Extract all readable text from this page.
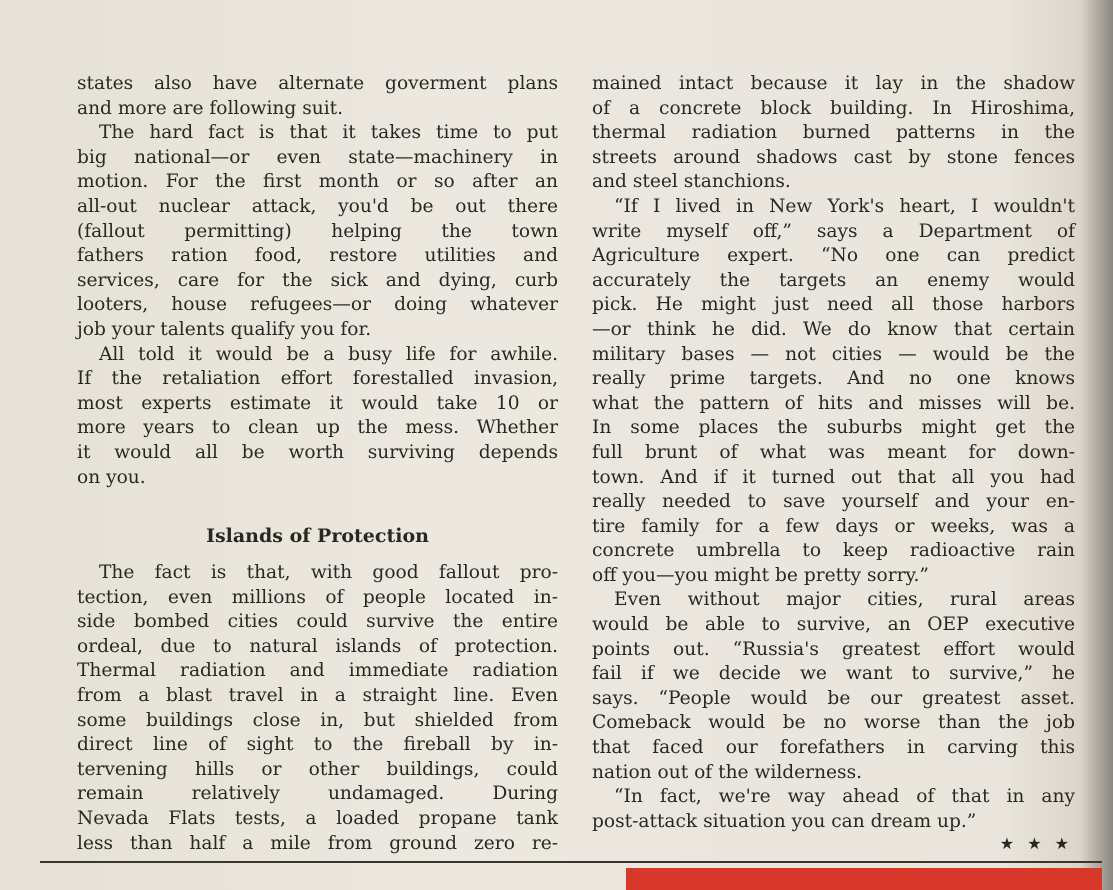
states also have alternate goverment plans
and more are following suit.
The hard fact is that it takes time to put
big national—or even state—machinery in
motion. For the first month or so after an
all-out nuclear attack, you'd be out there
(fallout permitting) helping the town
fathers ration food, restore utilities and
services, care for the sick and dying, curb
looters, house refugees—or doing whatever
job your talents qualify you for.
All told it would be a busy life for awhile.
If the retaliation effort forestalled invasion,
most experts estimate it would take 10 or
more years to clean up the mess. Whether
it would all be worth surviving depends
on you.
Islands of Protection
The fact is that, with good fallout pro-
tection, even millions of people located in-
side bombed cities could survive the entire
ordeal, due to natural islands of protection.
Thermal radiation and immediate radiation
from a blast travel in a straight line. Even
some buildings close in, but shielded from
direct line of sight to the fireball by in-
tervening hills or other buildings, could
remain relatively undamaged. During
Nevada Flats tests, a loaded propane tank
less than half a mile from ground zero re-
mained intact because it lay in the shadow
of a concrete block building. In Hiroshima,
thermal radiation burned patterns in the
streets around shadows cast by stone fences
and steel stanchions.
“If I lived in New York's heart, I wouldn't
write myself off,” says a Department of
Agriculture expert. “No one can predict
accurately the targets an enemy would
pick. He might just need all those harbors
—or think he did. We do know that certain
military bases — not cities — would be the
really prime targets. And no one knows
what the pattern of hits and misses will be.
In some places the suburbs might get the
full brunt of what was meant for down-
town. And if it turned out that all you had
really needed to save yourself and your en-
tire family for a few days or weeks, was a
concrete umbrella to keep radioactive rain
off you—you might be pretty sorry.”
Even without major cities, rural areas
would be able to survive, an OEP executive
points out. “Russia's greatest effort would
fail if we decide we want to survive,” he
says. “People would be our greatest asset.
Comeback would be no worse than the job
that faced our forefathers in carving this
nation out of the wilderness.
“In fact, we're way ahead of that in any
post-attack situation you can dream up.”
★ ★ ★
